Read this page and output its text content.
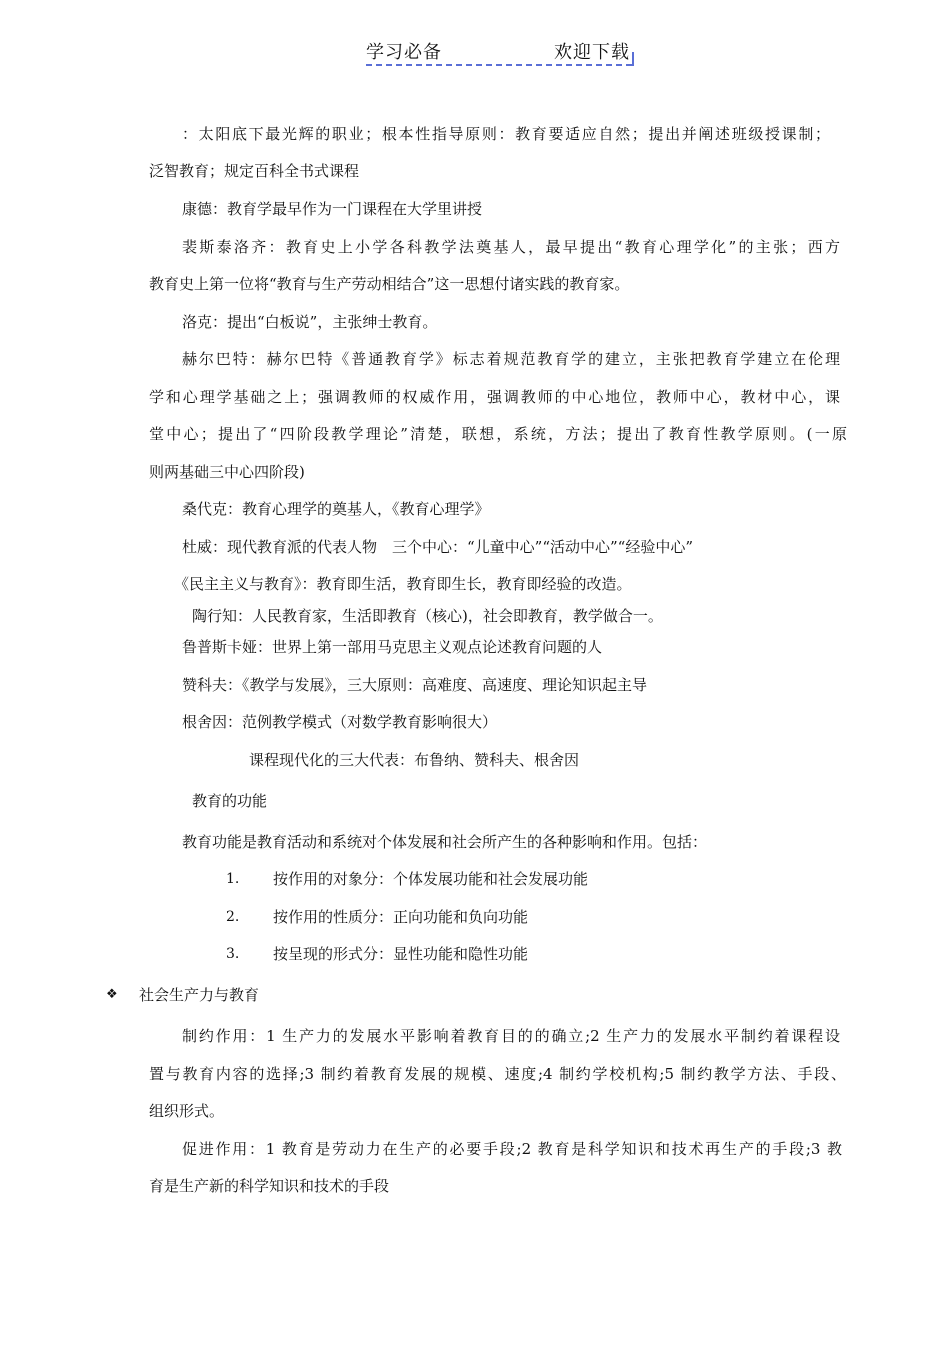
学习必备	欢迎下载
：太阳底下最光辉的职业；根本性指导原则：教育要适应自然；提出并阐述班级授课制；
泛智教育；规定百科全书式课程
康德：教育学最早作为一门课程在大学里讲授
裴斯泰洛齐：教育史上小学各科教学法奠基人，最早提出“教育心理学化”的主张；西方
教育史上第一位将“教育与生产劳动相结合”这一思想付诸实践的教育家。
洛克：提出“白板说”，主张绅士教育。
赫尔巴特：赫尔巴特《普通教育学》标志着规范教育学的建立，主张把教育学建立在伦理
学和心理学基础之上；强调教师的权威作用，强调教师的中心地位，教师中心，教材中心，课
堂中心；提出了“四阶段教学理论”清楚，联想，系统，方法；提出了教育性教学原则。(一原
则两基础三中心四阶段)
桑代克：教育心理学的奠基人，《教育心理学》
杜威：现代教育派的代表人物　三个中心：“儿童中心”“活动中心”“经验中心”
《民主主义与教育》：教育即生活，教育即生长，教育即经验的改造。
陶行知：人民教育家，生活即教育（核心)，社会即教育，教学做合一。
鲁普斯卡娅：世界上第一部用马克思主义观点论述教育问题的人
赞科夫：《教学与发展》，三大原则：高难度、高速度、理论知识起主导
根舍因：范例教学模式（对数学教育影响很大）
课程现代化的三大代表：布鲁纳、赞科夫、根舍因
教育的功能
教育功能是教育活动和系统对个体发展和社会所产生的各种影响和作用。包括：
1. 按作用的对象分：个体发展功能和社会发展功能
2. 按作用的性质分：正向功能和负向功能
3. 按呈现的形式分：显性功能和隐性功能
❖ 社会生产力与教育
制约作用：1 生产力的发展水平影响着教育目的的确立;2 生产力的发展水平制约着课程设
置与教育内容的选择;3 制约着教育发展的规模、速度;4 制约学校机构;5 制约教学方法、手段、
组织形式。
促进作用：1 教育是劳动力在生产的必要手段;2 教育是科学知识和技术再生产的手段;3 教
育是生产新的科学知识和技术的手段
